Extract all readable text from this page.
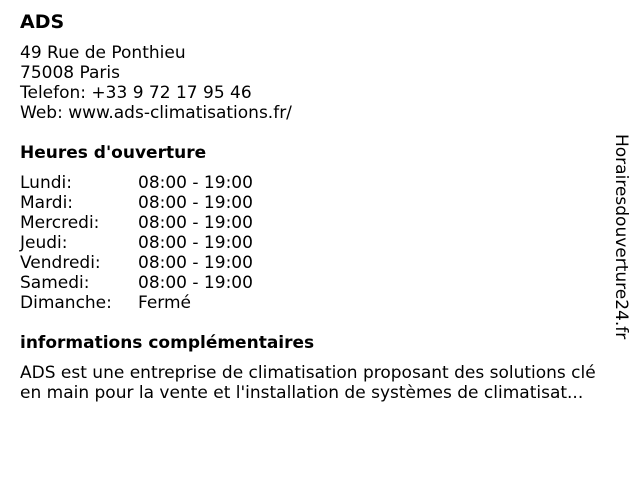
ADS
49 Rue de Ponthieu
75008 Paris
Telefon: +33 9 72 17 95 46
Web: www.ads-climatisations.fr/
Heures d'ouverture
Lundi:	08:00 - 19:00
Mardi:	08:00 - 19:00
Mercredi:	08:00 - 19:00
Jeudi:	08:00 - 19:00
Vendredi:	08:00 - 19:00
Samedi:	08:00 - 19:00
Dimanche:	Fermé
informations complémentaires
ADS est une entreprise de climatisation proposant des solutions clé en main pour la vente et l'installation de systèmes de climatisat...
Horairesdouverture24.fr
